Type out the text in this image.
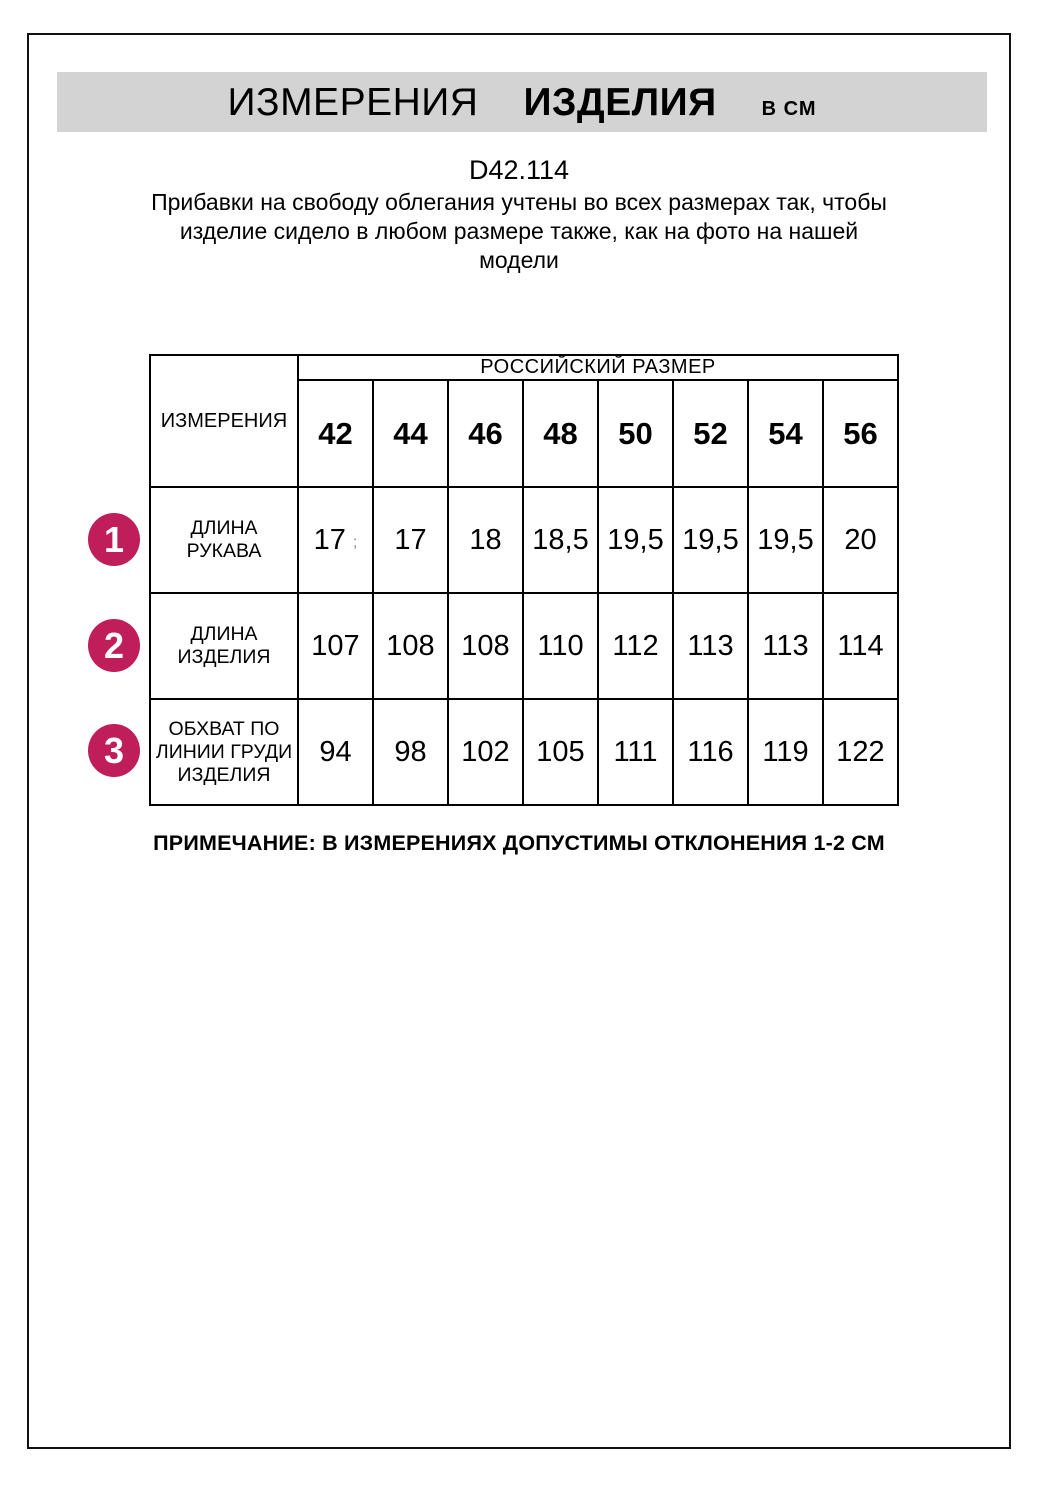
ИЗМЕРЕНИЯ ИЗДЕЛИЯ В СМ
D42.114
Прибавки на свободу облегания учтены во всех размерах так, чтобы
изделие сидело в любом размере также, как на фото на нашей
модели
ИЗМЕРЕНИЯ	РОССИЙСКИЙ РАЗМЕР							
	42	44	46	48	50	52	54	56

ДЛИНА РУКАВА	17 ;	17	18	18,5	19,5	19,5	19,5	20

ДЛИНА
ИЗДЕЛИЯ	107	108	108	110	112	113	113	114

ОБХВАТ ПО
ЛИНИИ ГРУДИ
ИЗДЕЛИЯ	94	98	102	105	111	116	119	122
1
2
3
ПРИМЕЧАНИЕ: В ИЗМЕРЕНИЯХ ДОПУСТИМЫ ОТКЛОНЕНИЯ 1-2 СМ
